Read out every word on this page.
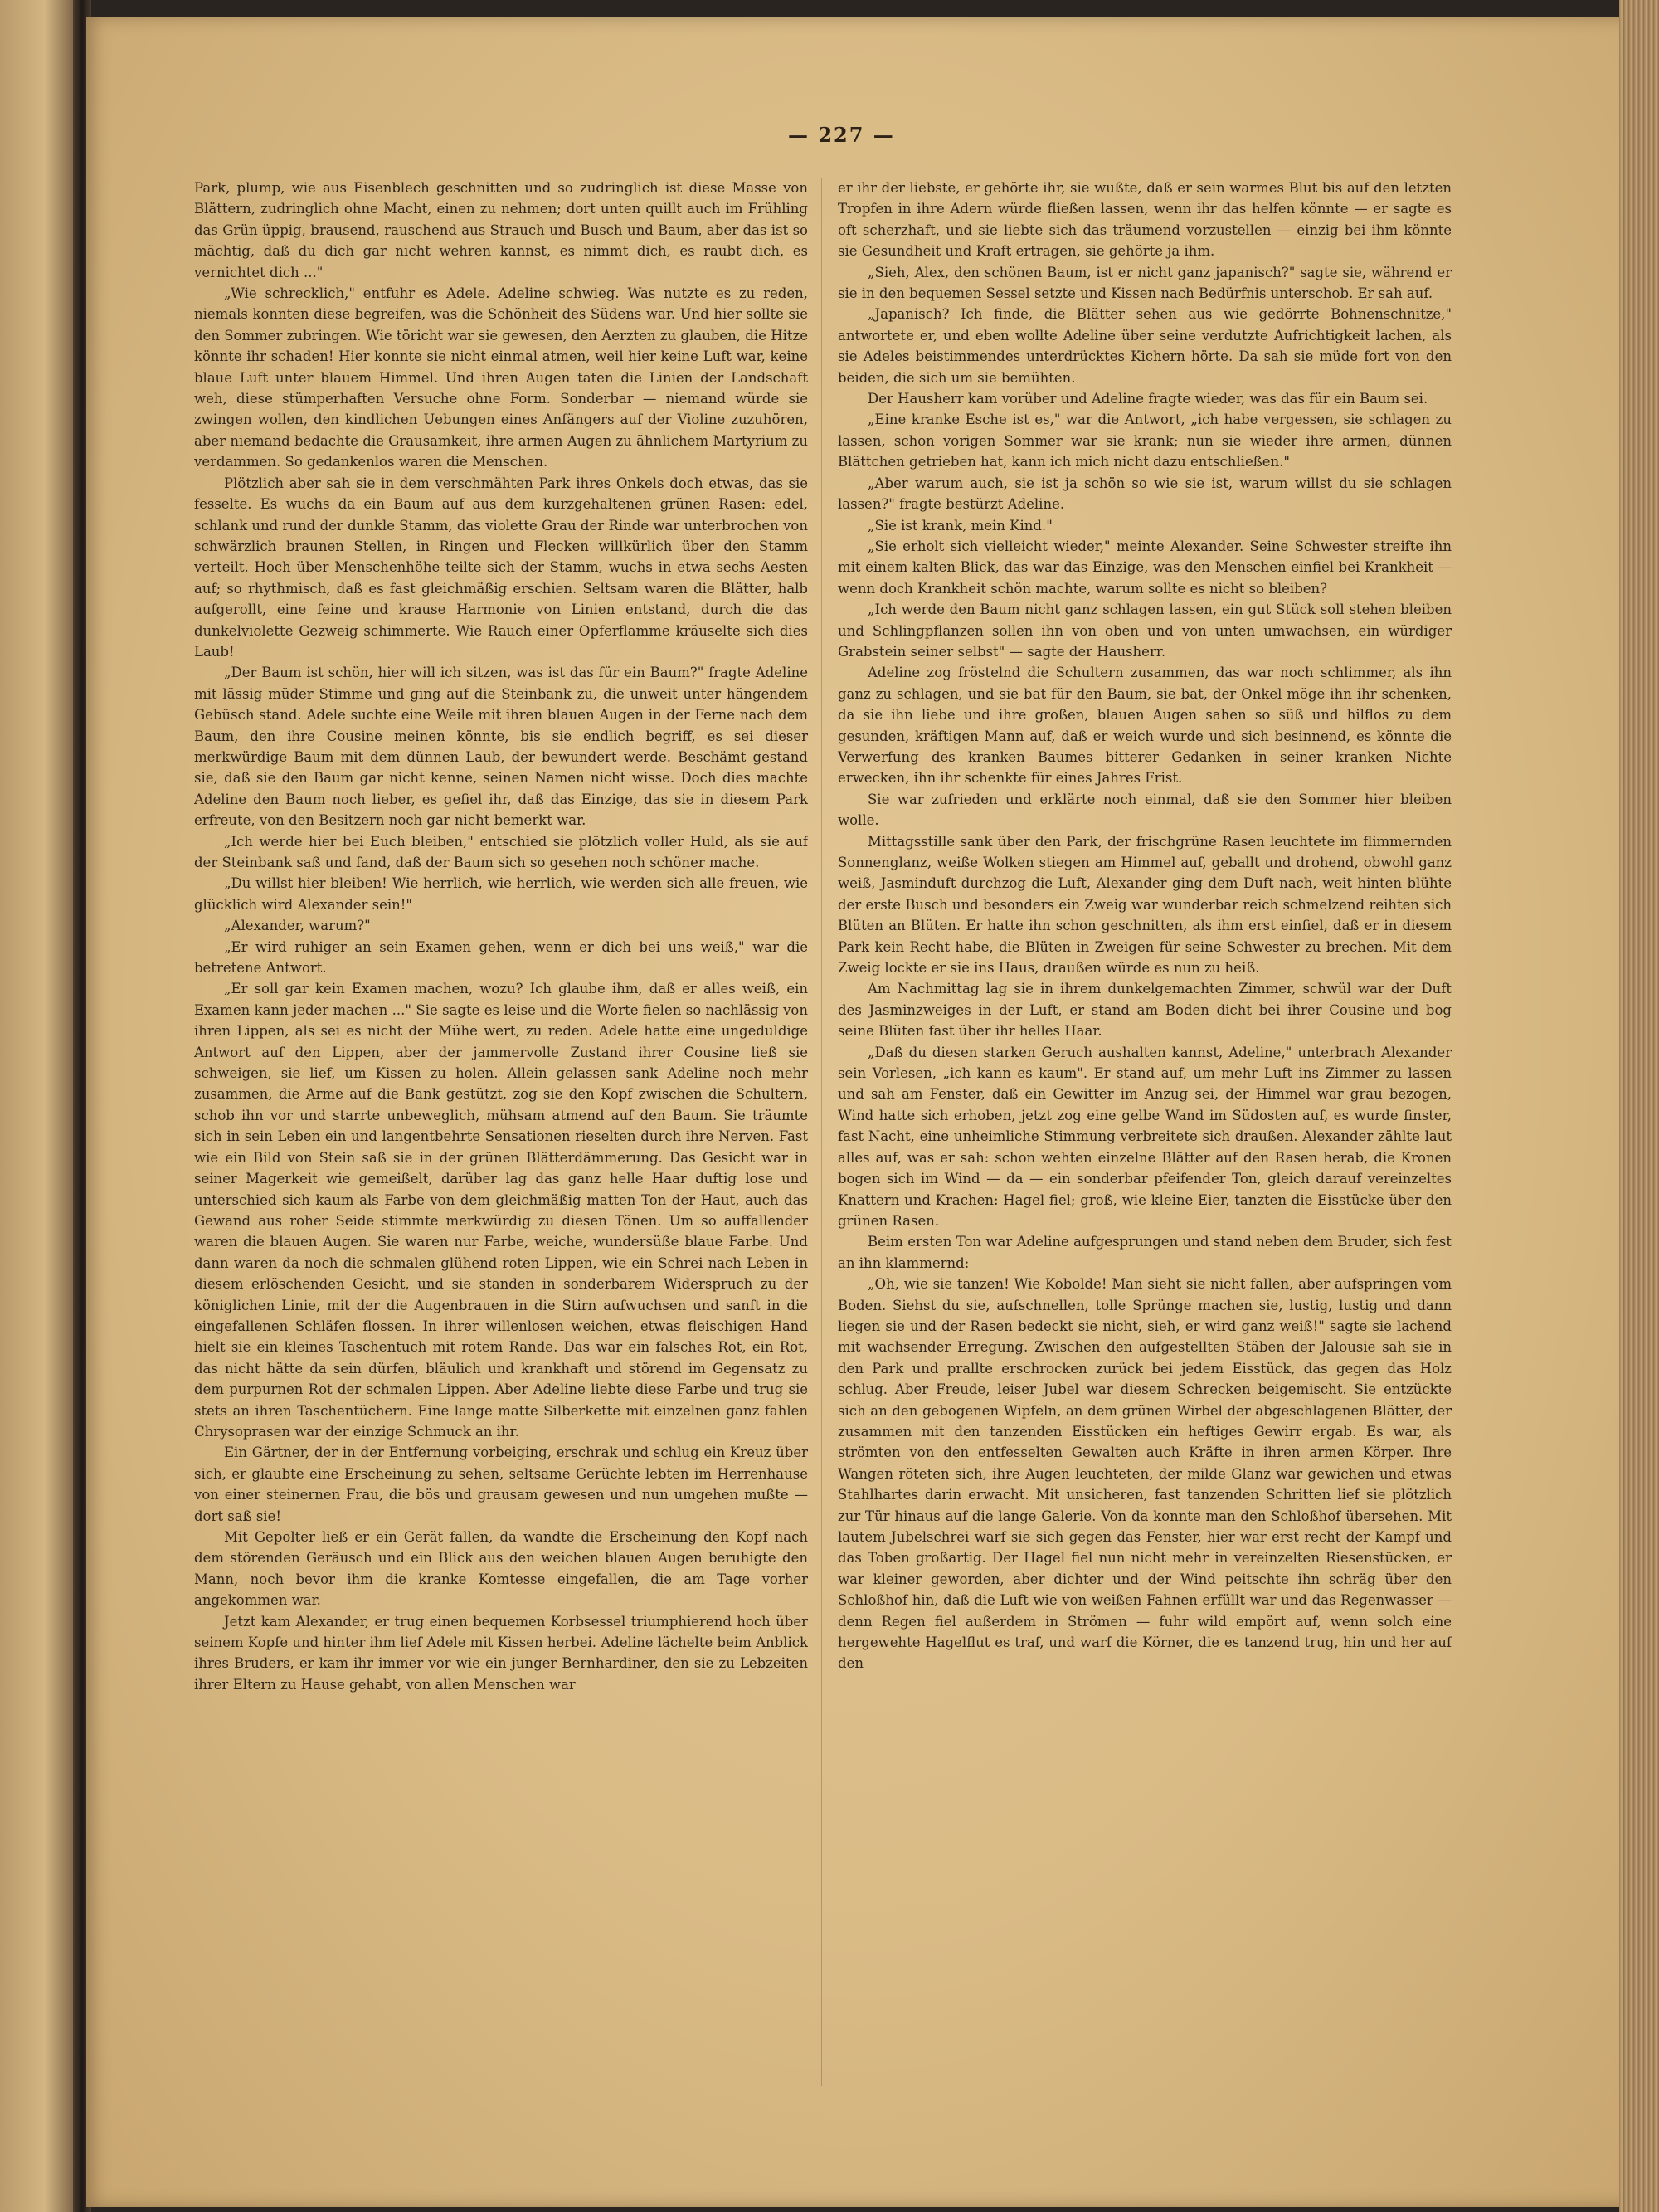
— 227 —

Park, plump, wie aus Eisenblech geschnitten und so zudringlich ist diese Masse von Blättern, zudringlich ohne Macht, einen zu nehmen; dort unten quillt auch im Frühling das Grün üppig, brausend, rauschend aus Strauch und Busch und Baum, aber das ist so mächtig, daß du dich gar nicht wehren kannst, es nimmt dich, es raubt dich, es vernichtet dich ..."

„Wie schrecklich," entfuhr es Adele. Adeline schwieg. Was nutzte es zu reden, niemals konnten diese begreifen, was die Schönheit des Südens war. Und hier sollte sie den Sommer zubringen. Wie töricht war sie gewesen, den Aerzten zu glauben, die Hitze könnte ihr schaden! Hier konnte sie nicht einmal atmen, weil hier keine Luft war, keine blaue Luft unter blauem Himmel. Und ihren Augen taten die Linien der Landschaft weh, diese stümperhaften Versuche ohne Form. Sonderbar — niemand würde sie zwingen wollen, den kindlichen Uebungen eines Anfängers auf der Violine zuzuhören, aber niemand bedachte die Grausamkeit, ihre armen Augen zu ähnlichem Martyrium zu verdammen. So gedankenlos waren die Menschen.

Plötzlich aber sah sie in dem verschmähten Park ihres Onkels doch etwas, das sie fesselte. Es wuchs da ein Baum auf aus dem kurzgehaltenen grünen Rasen: edel, schlank und rund der dunkle Stamm, das violette Grau der Rinde war unterbrochen von schwärzlich braunen Stellen, in Ringen und Flecken willkürlich über den Stamm verteilt. Hoch über Menschenhöhe teilte sich der Stamm, wuchs in etwa sechs Aesten auf; so rhythmisch, daß es fast gleichmäßig erschien. Seltsam waren die Blätter, halb aufgerollt, eine feine und krause Harmonie von Linien entstand, durch die das dunkelviolette Gezweig schimmerte. Wie Rauch einer Opferflamme kräuselte sich dies Laub!

„Der Baum ist schön, hier will ich sitzen, was ist das für ein Baum?" fragte Adeline mit lässig müder Stimme und ging auf die Steinbank zu, die unweit unter hängendem Gebüsch stand. Adele suchte eine Weile mit ihren blauen Augen in der Ferne nach dem Baum, den ihre Cousine meinen könnte, bis sie endlich begriff, es sei dieser merkwürdige Baum mit dem dünnen Laub, der bewundert werde. Beschämt gestand sie, daß sie den Baum gar nicht kenne, seinen Namen nicht wisse. Doch dies machte Adeline den Baum noch lieber, es gefiel ihr, daß das Einzige, das sie in diesem Park erfreute, von den Besitzern noch gar nicht bemerkt war.

„Ich werde hier bei Euch bleiben," entschied sie plötzlich voller Huld, als sie auf der Steinbank saß und fand, daß der Baum sich so gesehen noch schöner mache.

„Du willst hier bleiben! Wie herrlich, wie herrlich, wie werden sich alle freuen, wie glücklich wird Alexander sein!"

„Alexander, warum?"

„Er wird ruhiger an sein Examen gehen, wenn er dich bei uns weiß," war die betretene Antwort.

„Er soll gar kein Examen machen, wozu? Ich glaube ihm, daß er alles weiß, ein Examen kann jeder machen ..." Sie sagte es leise und die Worte fielen so nachlässig von ihren Lippen, als sei es nicht der Mühe wert, zu reden. Adele hatte eine ungeduldige Antwort auf den Lippen, aber der jammervolle Zustand ihrer Cousine ließ sie schweigen, sie lief, um Kissen zu holen. Allein gelassen sank Adeline noch mehr zusammen, die Arme auf die Bank gestützt, zog sie den Kopf zwischen die Schultern, schob ihn vor und starrte unbeweglich, mühsam atmend auf den Baum. Sie träumte sich in sein Leben ein und langentbehrte Sensationen rieselten durch ihre Nerven. Fast wie ein Bild von Stein saß sie in der grünen Blätterdämmerung. Das Gesicht war in seiner Magerkeit wie gemeißelt, darüber lag das ganz helle Haar duftig lose und unterschied sich kaum als Farbe von dem gleichmäßig matten Ton der Haut, auch das Gewand aus roher Seide stimmte merkwürdig zu diesen Tönen. Um so auffallender waren die blauen Augen. Sie waren nur Farbe, weiche, wundersüße blaue Farbe. Und dann waren da noch die schmalen glühend roten Lippen, wie ein Schrei nach Leben in diesem erlöschenden Gesicht, und sie standen in sonderbarem Widerspruch zu der königlichen Linie, mit der die Augenbrauen in die Stirn aufwuchsen und sanft in die eingefallenen Schläfen flossen. In ihrer willenlosen weichen, etwas fleischigen Hand hielt sie ein kleines Taschentuch mit rotem Rande. Das war ein falsches Rot, ein Rot, das nicht hätte da sein dürfen, bläulich und krankhaft und störend im Gegensatz zu dem purpurnen Rot der schmalen Lippen. Aber Adeline liebte diese Farbe und trug sie stets an ihren Taschentüchern. Eine lange matte Silberkette mit einzelnen ganz fahlen Chrysoprasen war der einzige Schmuck an ihr.

Ein Gärtner, der in der Entfernung vorbeiging, erschrak und schlug ein Kreuz über sich, er glaubte eine Erscheinung zu sehen, seltsame Gerüchte lebten im Herrenhause von einer steinernen Frau, die bös und grausam gewesen und nun umgehen mußte — dort saß sie!

Mit Gepolter ließ er ein Gerät fallen, da wandte die Erscheinung den Kopf nach dem störenden Geräusch und ein Blick aus den weichen blauen Augen beruhigte den Mann, noch bevor ihm die kranke Komtesse eingefallen, die am Tage vorher angekommen war.

Jetzt kam Alexander, er trug einen bequemen Korbsessel triumphierend hoch über seinem Kopfe und hinter ihm lief Adele mit Kissen herbei. Adeline lächelte beim Anblick ihres Bruders, er kam ihr immer vor wie ein junger Bernhardiner, den sie zu Lebzeiten ihrer Eltern zu Hause gehabt, von allen Menschen war

er ihr der liebste, er gehörte ihr, sie wußte, daß er sein warmes Blut bis auf den letzten Tropfen in ihre Adern würde fließen lassen, wenn ihr das helfen könnte — er sagte es oft scherzhaft, und sie liebte sich das träumend vorzustellen — einzig bei ihm könnte sie Gesundheit und Kraft ertragen, sie gehörte ja ihm.

„Sieh, Alex, den schönen Baum, ist er nicht ganz japanisch?" sagte sie, während er sie in den bequemen Sessel setzte und Kissen nach Bedürfnis unterschob. Er sah auf.

„Japanisch? Ich finde, die Blätter sehen aus wie gedörrte Bohnenschnitze," antwortete er, und eben wollte Adeline über seine verdutzte Aufrichtigkeit lachen, als sie Adeles beistimmendes unterdrücktes Kichern hörte. Da sah sie müde fort von den beiden, die sich um sie bemühten.

Der Hausherr kam vorüber und Adeline fragte wieder, was das für ein Baum sei.

„Eine kranke Esche ist es," war die Antwort, „ich habe vergessen, sie schlagen zu lassen, schon vorigen Sommer war sie krank; nun sie wieder ihre armen, dünnen Blättchen getrieben hat, kann ich mich nicht dazu entschließen."

„Aber warum auch, sie ist ja schön so wie sie ist, warum willst du sie schlagen lassen?" fragte bestürzt Adeline.

„Sie ist krank, mein Kind."

„Sie erholt sich vielleicht wieder," meinte Alexander. Seine Schwester streifte ihn mit einem kalten Blick, das war das Einzige, was den Menschen einfiel bei Krankheit — wenn doch Krankheit schön machte, warum sollte es nicht so bleiben?

„Ich werde den Baum nicht ganz schlagen lassen, ein gut Stück soll stehen bleiben und Schlingpflanzen sollen ihn von oben und von unten umwachsen, ein würdiger Grabstein seiner selbst" — sagte der Hausherr.

Adeline zog fröstelnd die Schultern zusammen, das war noch schlimmer, als ihn ganz zu schlagen, und sie bat für den Baum, sie bat, der Onkel möge ihn ihr schenken, da sie ihn liebe und ihre großen, blauen Augen sahen so süß und hilflos zu dem gesunden, kräftigen Mann auf, daß er weich wurde und sich besinnend, es könnte die Verwerfung des kranken Baumes bitterer Gedanken in seiner kranken Nichte erwecken, ihn ihr schenkte für eines Jahres Frist.

Sie war zufrieden und erklärte noch einmal, daß sie den Sommer hier bleiben wolle.

Mittagsstille sank über den Park, der frischgrüne Rasen leuchtete im flimmernden Sonnenglanz, weiße Wolken stiegen am Himmel auf, geballt und drohend, obwohl ganz weiß, Jasminduft durchzog die Luft, Alexander ging dem Duft nach, weit hinten blühte der erste Busch und besonders ein Zweig war wunderbar reich schmelzend reihten sich Blüten an Blüten. Er hatte ihn schon geschnitten, als ihm erst einfiel, daß er in diesem Park kein Recht habe, die Blüten in Zweigen für seine Schwester zu brechen. Mit dem Zweig lockte er sie ins Haus, draußen würde es nun zu heiß.

Am Nachmittag lag sie in ihrem dunkelgemachten Zimmer, schwül war der Duft des Jasminzweiges in der Luft, er stand am Boden dicht bei ihrer Cousine und bog seine Blüten fast über ihr helles Haar.

„Daß du diesen starken Geruch aushalten kannst, Adeline," unterbrach Alexander sein Vorlesen, „ich kann es kaum". Er stand auf, um mehr Luft ins Zimmer zu lassen und sah am Fenster, daß ein Gewitter im Anzug sei, der Himmel war grau bezogen, Wind hatte sich erhoben, jetzt zog eine gelbe Wand im Südosten auf, es wurde finster, fast Nacht, eine unheimliche Stimmung verbreitete sich draußen. Alexander zählte laut alles auf, was er sah: schon wehten einzelne Blätter auf den Rasen herab, die Kronen bogen sich im Wind — da — ein sonderbar pfeifender Ton, gleich darauf vereinzeltes Knattern und Krachen: Hagel fiel; groß, wie kleine Eier, tanzten die Eisstücke über den grünen Rasen.

Beim ersten Ton war Adeline aufgesprungen und stand neben dem Bruder, sich fest an ihn klammernd:

„Oh, wie sie tanzen! Wie Kobolde! Man sieht sie nicht fallen, aber aufspringen vom Boden. Siehst du sie, aufschnellen, tolle Sprünge machen sie, lustig, lustig und dann liegen sie und der Rasen bedeckt sie nicht, sieh, er wird ganz weiß!" sagte sie lachend mit wachsender Erregung. Zwischen den aufgestellten Stäben der Jalousie sah sie in den Park und prallte erschrocken zurück bei jedem Eisstück, das gegen das Holz schlug. Aber Freude, leiser Jubel war diesem Schrecken beigemischt. Sie entzückte sich an den gebogenen Wipfeln, an dem grünen Wirbel der abgeschlagenen Blätter, der zusammen mit den tanzenden Eisstücken ein heftiges Gewirr ergab. Es war, als strömten von den entfesselten Gewalten auch Kräfte in ihren armen Körper. Ihre Wangen röteten sich, ihre Augen leuchteten, der milde Glanz war gewichen und etwas Stahlhartes darin erwacht. Mit unsicheren, fast tanzenden Schritten lief sie plötzlich zur Tür hinaus auf die lange Galerie. Von da konnte man den Schloßhof übersehen. Mit lautem Jubelschrei warf sie sich gegen das Fenster, hier war erst recht der Kampf und das Toben großartig. Der Hagel fiel nun nicht mehr in vereinzelten Riesenstücken, er war kleiner geworden, aber dichter und der Wind peitschte ihn schräg über den Schloßhof hin, daß die Luft wie von weißen Fahnen erfüllt war und das Regenwasser — denn Regen fiel außerdem in Strömen — fuhr wild empört auf, wenn solch eine hergewehte Hagelflut es traf, und warf die Körner, die es tanzend trug, hin und her auf den
